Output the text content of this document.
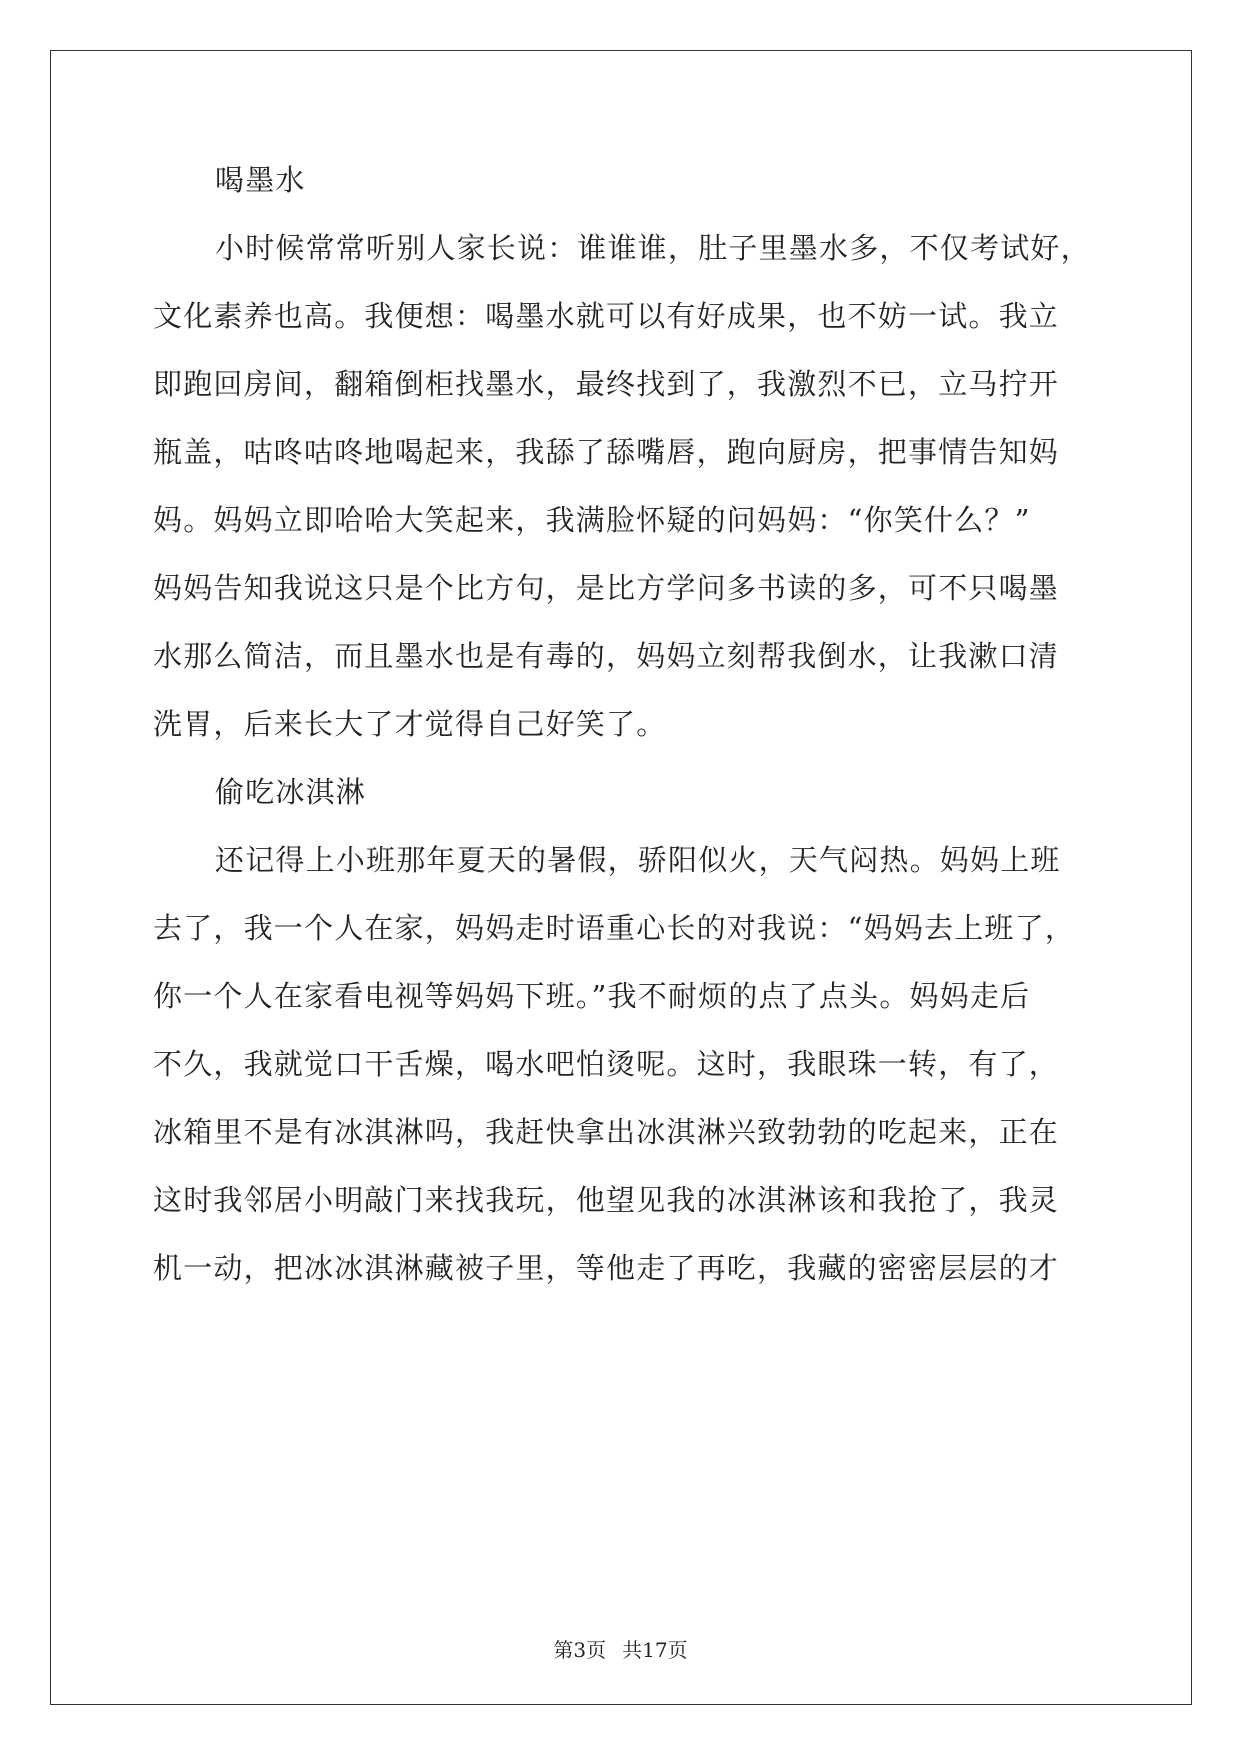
喝墨水
小时候常常听别人家长说：谁谁谁，肚子里墨水多，不仅考试好，
文化素养也高。我便想：喝墨水就可以有好成果，也不妨一试。我立
即跑回房间，翻箱倒柜找墨水，最终找到了，我激烈不已，立马拧开
瓶盖，咕咚咕咚地喝起来，我舔了舔嘴唇，跑向厨房，把事情告知妈
妈。妈妈立即哈哈大笑起来，我满脸怀疑的问妈妈：“你笑什么？”
妈妈告知我说这只是个比方句，是比方学问多书读的多，可不只喝墨
水那么简洁，而且墨水也是有毒的，妈妈立刻帮我倒水，让我漱口清
洗胃，后来长大了才觉得自己好笑了。
偷吃冰淇淋
还记得上小班那年夏天的暑假，骄阳似火，天气闷热。妈妈上班
去了，我一个人在家，妈妈走时语重心长的对我说：“妈妈去上班了，
你一个人在家看电视等妈妈下班。”我不耐烦的点了点头。妈妈走后
不久，我就觉口干舌燥，喝水吧怕烫呢。这时，我眼珠一转，有了，
冰箱里不是有冰淇淋吗，我赶快拿出冰淇淋兴致勃勃的吃起来，正在
这时我邻居小明敲门来找我玩，他望见我的冰淇淋该和我抢了，我灵
机一动，把冰冰淇淋藏被子里，等他走了再吃，我藏的密密层层的才
第3页 共17页
